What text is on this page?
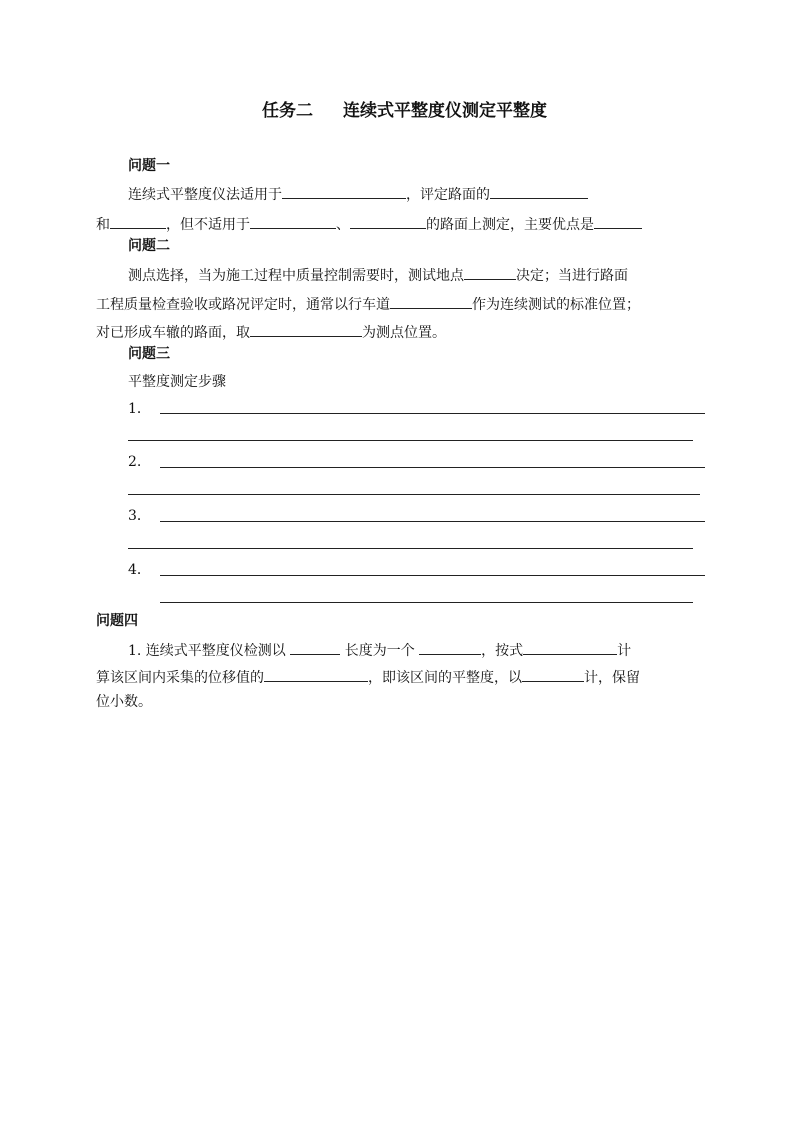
任务二 连续式平整度仪测定平整度
问题一
连续式平整度仪法适用于	，评定路面的
和	，但不适用于	、	的路面上测定，主要优点是
问题二
测点选择，当为施工过程中质量控制需要时，测试地点	决定；当进行路面
工程质量检查验收或路况评定时，通常以行车道	作为连续测试的标准位置；
对已形成车辙的路面，取	为测点位置。
问题三
平整度测定步骤
1．
2.
3．
4．
问题四
1. 连续式平整度仪检测以	长度为一个	，按式	计
算该区间内采集的位移值的	，即该区间的平整度，以	计，保留
位小数。
